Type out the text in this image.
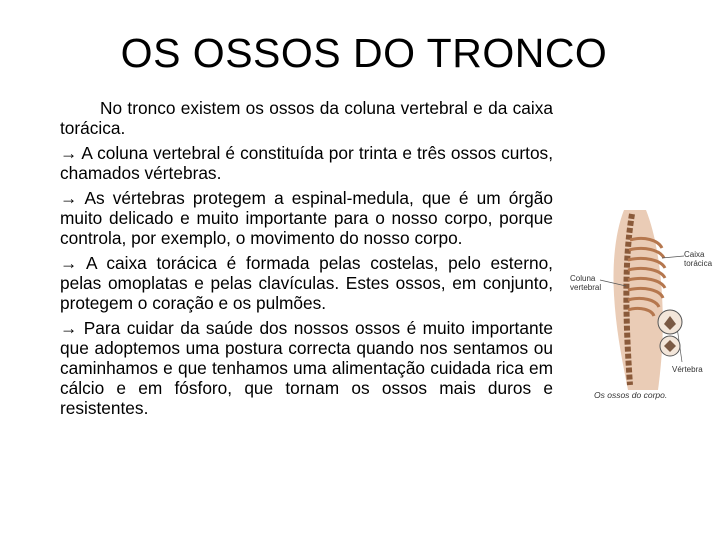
OS OSSOS DO TRONCO

No tronco existem os ossos da coluna vertebral e da caixa torácica.

→ A coluna vertebral é constituída por trinta e três ossos curtos, chamados vértebras.

→ As vértebras protegem a espinal-medula, que é um órgão muito delicado e muito importante para o nosso corpo, porque controla, por exemplo, o movimento do nosso corpo.

→ A caixa torácica é formada pelas costelas, pelo esterno, pelas omoplatas e pelas clavículas. Estes ossos, em conjunto, protegem o coração e os pulmões.

→ Para cuidar da saúde dos nossos ossos é muito importante que adoptemos uma postura correcta quando nos sentamos ou caminhamos e que tenhamos uma alimentação cuidada rica em cálcio e em fósforo, que tornam os ossos mais duros e resistentes.

Caixa
torácica
Coluna
vertebral
Vértebra
Os ossos do corpo.
